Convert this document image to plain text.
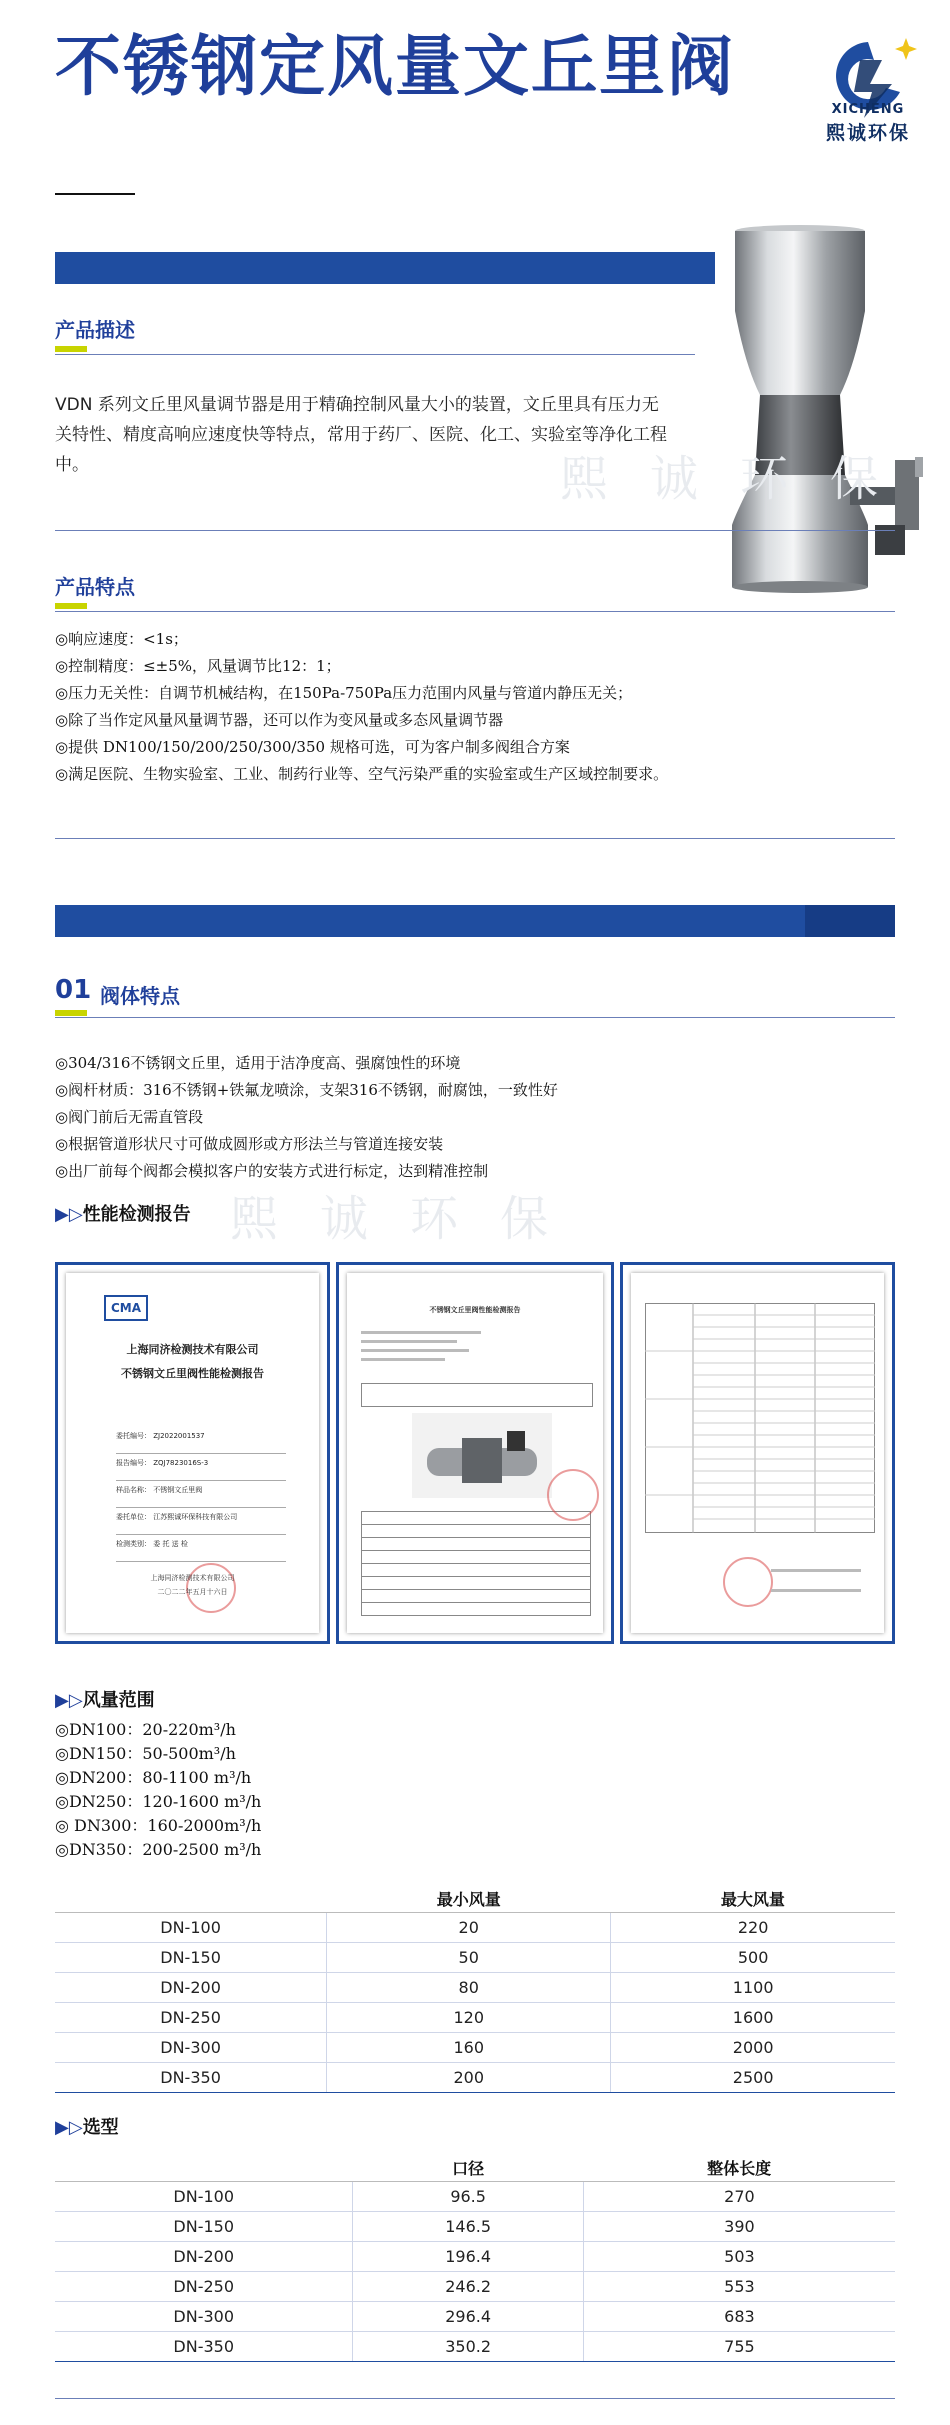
不锈钢定风量文丘里阀
XICHENG
熙诚环保
产品描述
VDN 系列文丘里风量调节器是用于精确控制风量大小的装置，文丘里具有压力无关特性、精度高响应速度快等特点，常用于药厂、医院、化工、实验室等净化工程中。	熙诚环保
产品特点
◎响应速度：<1s；
◎控制精度：≤±5%，风量调节比12：1；
◎压力无关性：自调节机械结构，在150Pa-750Pa压力范围内风量与管道内静压无关；
◎除了当作定风量风量调节器，还可以作为变风量或多态风量调节器
◎提供 DN100/150/200/250/300/350 规格可选，可为客户制多阀组合方案
◎满足医院、生物实验室、工业、制药行业等、空气污染严重的实验室或生产区域控制要求。
01 阀体特点
◎304/316不锈钢文丘里，适用于洁净度高、强腐蚀性的环境
◎阀杆材质：316不锈钢+铁氟龙喷涂，支架316不锈钢，耐腐蚀，一致性好
◎阀门前后无需直管段
◎根据管道形状尺寸可做成圆形或方形法兰与管道连接安装
◎出厂前每个阀都会模拟客户的安装方式进行标定，达到精准控制
熙诚环保
▶▷性能检测报告
CMA
上海同济检测技术有限公司
不锈钢文丘里阀性能检测报告
委托编号： ZJ2022001537
报告编号： ZQJ7823016S-3
样品名称： 不锈钢文丘里阀
委托单位： 江苏熙诚环保科技有限公司
检测类别： 委 托 送 检
上海同济检测技术有限公司
二〇二二年五月十六日
不锈钢文丘里阀性能检测报告
▶▷风量范围
◎DN100：20-220m³/h
◎DN150：50-500m³/h
◎DN200：80-1100 m³/h
◎DN250：120-1600 m³/h
◎ DN300：160-2000m³/h
◎DN350：200-2500 m³/h
	最小风量	最大风量
DN-100	20	220
DN-150	50	500
DN-200	80	1100
DN-250	120	1600
DN-300	160	2000
DN-350	200	2500
▶▷选型
	口径	整体长度
DN-100	96.5	270
DN-150	146.5	390
DN-200	196.4	503
DN-250	246.2	553
DN-300	296.4	683
DN-350	350.2	755
